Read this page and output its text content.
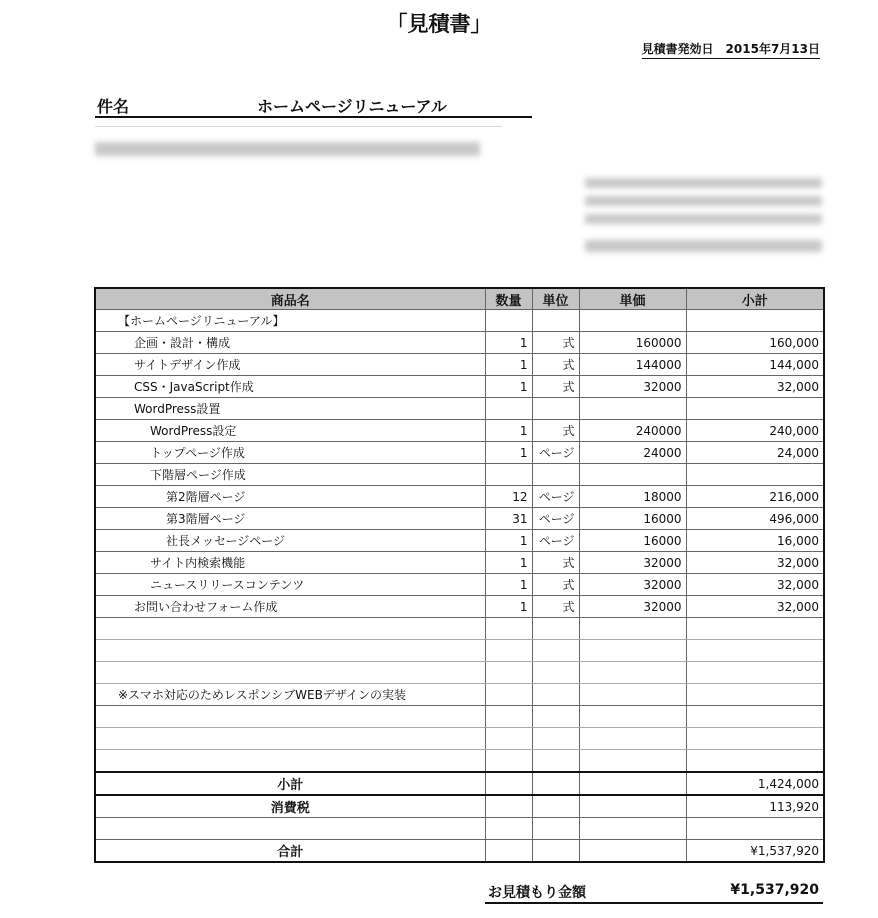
「見積書」
見積書発効日　2015年7月13日
件名	ホームページリニューアル
商品名	数量	単位	単価	小計
【ホームページリニューアル】				
企画・設計・構成	1	式	160000	160,000
サイトデザイン作成	1	式	144000	144,000
CSS・JavaScript作成	1	式	32000	32,000
WordPress設置				
WordPress設定	1	式	240000	240,000
トップページ作成	1	ページ	24000	24,000
下階層ページ作成				
第2階層ページ	12	ページ	18000	216,000
第3階層ページ	31	ページ	16000	496,000
社長メッセージページ	1	ページ	16000	16,000
サイト内検索機能	1	式	32000	32,000
ニュースリリースコンテンツ	1	式	32000	32,000
お問い合わせフォーム作成	1	式	32000	32,000

※スマホ対応のためレスポンシブWEBデザインの実装				

小計				1,424,000
消費税				113,920

合計				¥1,537,920
お見積もり金額	¥1,537,920
